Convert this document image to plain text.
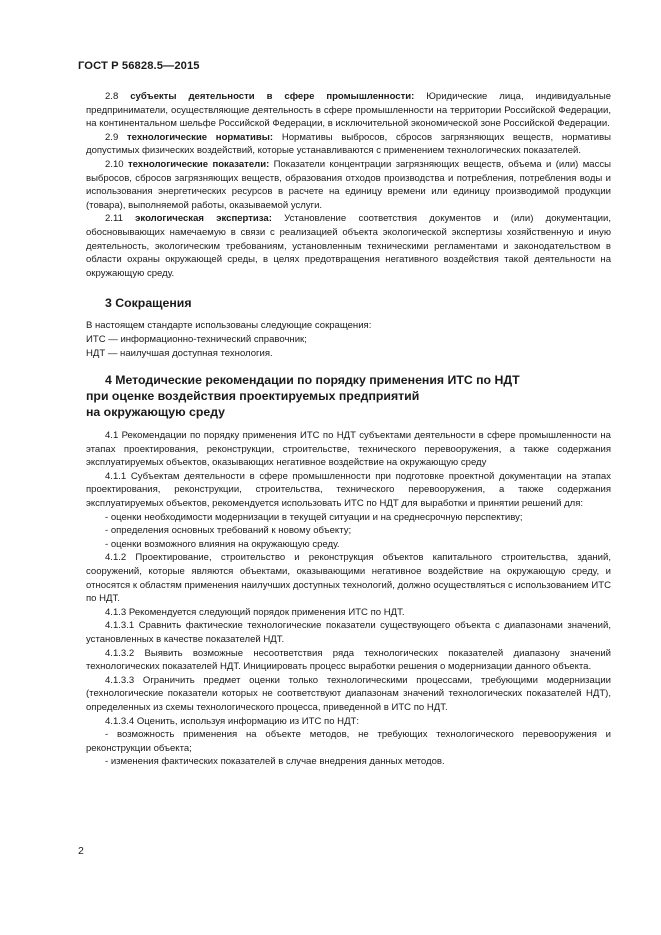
ГОСТ Р 56828.5—2015

2.8 субъекты деятельности в сфере промышленности: Юридические лица, индивидуальные предприниматели, осуществляющие деятельность в сфере промышленности на территории Российской Федерации, на континентальном шельфе Российской Федерации, в исключительной экономической зоне Российской Федерации.

2.9 технологические нормативы: Нормативы выбросов, сбросов загрязняющих веществ, нормативы допустимых физических воздействий, которые устанавливаются с применением технологических показателей.

2.10 технологические показатели: Показатели концентрации загрязняющих веществ, объема и (или) массы выбросов, сбросов загрязняющих веществ, образования отходов производства и потребления, потребления воды и использования энергетических ресурсов в расчете на единицу времени или единицу производимой продукции (товара), выполняемой работы, оказываемой услуги.

2.11 экологическая экспертиза: Установление соответствия документов и (или) документации, обосновывающих намечаемую в связи с реализацией объекта экологической экспертизы хозяйственную и иную деятельность, экологическим требованиям, установленным техническими регламентами и законодательством в области охраны окружающей среды, в целях предотвращения негативного воздействия такой деятельности на окружающую среду.

3 Сокращения

В настоящем стандарте использованы следующие сокращения:

ИТС — информационно-технический справочник;

НДТ — наилучшая доступная технология.

4 Методические рекомендации по порядку применения ИТС по НДТ
при оценке воздействия проектируемых предприятий
на окружающую среду

4.1 Рекомендации по порядку применения ИТС по НДТ субъектами деятельности в сфере промышленности на этапах проектирования, реконструкции, строительстве, технического перевооружения, а также содержания эксплуатируемых объектов, оказывающих негативное воздействие на окружающую среду

4.1.1 Субъектам деятельности в сфере промышленности при подготовке проектной документации на этапах проектирования, реконструкции, строительства, технического перевооружения, а также содержания эксплуатируемых объектов, рекомендуется использовать ИТС по НДТ для выработки и принятии решений для:

- оценки необходимости модернизации в текущей ситуации и на среднесрочную перспективу;

- определения основных требований к новому объекту;

- оценки возможного влияния на окружающую среду.

4.1.2 Проектирование, строительство и реконструкция объектов капитального строительства, зданий, сооружений, которые являются объектами, оказывающими негативное воздействие на окружающую среду, и относятся к областям применения наилучших доступных технологий, должно осуществляться с использованием ИТС по НДТ.

4.1.3 Рекомендуется следующий порядок применения ИТС по НДТ.

4.1.3.1 Сравнить фактические технологические показатели существующего объекта с диапазонами значений, установленных в качестве показателей НДТ.

4.1.3.2 Выявить возможные несоответствия ряда технологических показателей диапазону значений технологических показателей НДТ. Инициировать процесс выработки решения о модернизации данного объекта.

4.1.3.3 Ограничить предмет оценки только технологическими процессами, требующими модернизации (технологические показатели которых не соответствуют диапазонам значений технологических показателей НДТ), определенных из схемы технологического процесса, приведенной в ИТС по НДТ.

4.1.3.4 Оценить, используя информацию из ИТС по НДТ:

- возможность применения на объекте методов, не требующих технологического перевооружения и реконструкции объекта;

- изменения фактических показателей в случае внедрения данных методов.

2
